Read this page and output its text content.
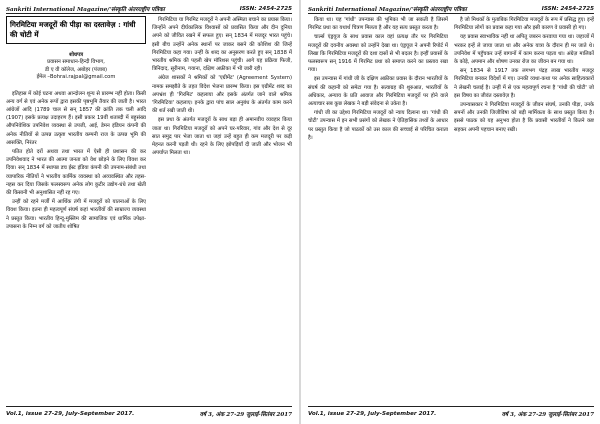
Sankriti International Magazine/'संस्कृति अंतरराष्ट्रीय पत्रिका	ISSN: 2454-2725
गिरमिटिया मजदूरों की पीड़ा का दस्तावेज़ : गांधी की चोटी में
शोधपत्र
प्रवासन समाधान-हिन्दी विभाग,
डी ए वी कॉलेज, अबोहर (पंजाब)
ईमेल –Bohrai.rajpal@gmail.com

इतिहास में कोई घटना अथवा आन्दोलन शून्य से प्रारम्भ नहीं होता। किसी अन्य वर्ग से एवं अनेक रूपों द्वारा इसकी पृष्ठभूमि तैयार की जाती है। भारत आंग्रेजों आदि (1789 चाल से सन् 1857 की क्रांति तक चली आदि (1907) इसके प्रत्यक्ष उदाहरण हैं। इसी प्रकार 19वीं शताब्दी में बहुसंख्य औपनिवेशिक उपनिवेश व्यवस्था से उपजी, आई, डेमन इंडियन कंपनी की अनेक नीतियों से उत्पन्न उत्कृष्ट भारतीय कम्पनी राज के उत्पन्न भूमि की आसक्ति, निरंतर

पतित होते दरों अथवा तथा भारत में ऐसी ही प्रशासन की कर उपनिवेशवाद ने भारत की आत्मा जनता को वेश छोड़ने के लिए विवश कर दिया। सन् 1834 में स्थापन्न डच ईस्ट इंडिया कंपनी की उपनाम-संबंधी तथा व्यापारिक नीतियों ने भारतीय कार्मिक व्यवस्था को अव्यवस्थित और तहस-नहस कर दिया जिसके फलस्वरूप अनेक लोग कुटीर उद्योग-धंधे तथा खेती की किसानी भी अनुशासित नहीं रह गए।

उन्हीं को रहने मर्जी में आर्थिक तंगी में मजदूरों को यातनाओं के लिए विवश किया। इतना ही महत्वपूर्ण संघर्ष कहां भारतीयों की साम्राज्य व्यवस्था ने प्रस्तुत किया। भारतीय हिन्दू-मुस्लिम की सामाजिक एवं धार्मिक उपेक्षा-उपासना के निम्न वर्ग को जातीय शोषित

गिरमिटिया या गिरमिट मजदूरों ने अपनी अस्मिता बचाने का प्रयास किया। जिन्होंने अपने दीर्घकालिक विश्वासों को प्रवासित किया और दीन दुनिया अपने को जीवित रखने में सफल हुए। सन् 1834 में मजदूर भारत पहुंचे। इसी बीच उन्होंने अनेक स्थानों पर जाकर बसने की कोशिश की जिन्हें गिरमिटिया कहा गया। उन्हीं के शब्द का अनुसरण करते हुए सन् 1838 में भारतीय श्रमिक की पहली खेप मॉरिशस पहुंची। आगे यह प्रक्रिया फिजी, त्रिनिदाद, सूरीनाम, गयाना, दक्षिण अफ्रीका में भी जारी रही।

अंग्रेज शासकों ने श्रमिकों को 'एग्रीमेंट' (Agreement System) नामक समझौते के तहत विदेश भेजना प्रारम्भ किया। इस एग्रीमेंट शब्द का अपभ्रंश ही 'गिरमिट' कहलाया और इसके अंतर्गत जाने वाले श्रमिक 'गिरमिटिया' कहलाए। इनके द्वारा पांच साल अनुबंध के अंतर्गत काम करने की शर्त रखी जाती थी।

इस प्रथा के अंतर्गत मजदूरों के साथ बड़ा ही अमानवीय व्यवहार किया जाता था। गिरमिटिया मजदूरों को अपने घर-परिवार, गांव और देश से दूर सात समुद्र पार भेजा जाता था जहां उन्हें बहुत ही कम मजदूरी पर कड़ी मेहनत करनी पड़ती थी। रहने के लिए झोपड़ियाँ दी जाती और भोजन भी अपर्याप्त मिलता था।

Vol.1, issue 27-29, July-September 2017.	वर्ष 3, अंक 27-29 जुलाई-सितंबर 2017
Sankriti International Magazine/'संस्कृति अंतरराष्ट्रीय पत्रिका	ISSN: 2454-2725

किया था। यह 'गांधी' उपन्यास की भूमिका भी जा सकती है जिसमें गिरमिट प्रथा का यथार्थ चित्रण मिलता है और यह सत्य प्रस्तुत करता है।

चार्ल्स एंड्रयूज के साथ प्रवास काल वहां प्रत्यक्ष तौर पर गिरमिटिया मजदूरों की दयनीय अवस्था को उन्होंने देखा था। एंड्रयूज ने अपनी रिपोर्ट में लिखा कि गिरमिटिया मजदूरों की दशा दासों से भी बदतर है। इन्हीं प्रयासों के फलस्वरूप सन् 1916 में गिरमिट प्रथा को समाप्त करने का प्रस्ताव रखा गया।

इस उपन्यास में गांधी जी के दक्षिण अफ्रीका प्रवास के दौरान भारतीयों के संघर्ष की कहानी को समेटा गया है। सत्याग्रह की शुरुआत, भारतीयों के अधिकार, अन्याय के प्रति आवाज और गिरमिटिया मजदूरों पर होने वाले अत्याचार सब कुछ लेखक ने बड़ी संवेदना से उकेरा है।

गांधी जी का उद्देश्य गिरमिटिया मजदूरों को न्याय दिलाना था। 'गांधी की चोटी' उपन्यास में इन सभी प्रसंगों को लेखक ने ऐतिहासिक तथ्यों के आधार पर प्रस्तुत किया है जो पाठकों को उस काल की सच्चाई से परिचित कराता है।

है जो मिथकों के मुताबिक गिरमिटिया मजदूरों के रूप में प्रसिद्ध हुए। इन्हें गिरमिटिया लोगों का प्रवास कहा गया और इसी कारण वे प्रवासी हो गए।

यह प्रवास स्वाभाविक नहीं था अपितु जबरन करवाया गया था। जहाजों में भरकर इन्हें ले जाया जाता था और अनेक यात्रा के दौरान ही मर जाते थे। उपनिवेश में पहुँचकर उन्हें बागानों में काम करना पड़ता था। अंग्रेज़ मालिकों के कोड़े, अपमान और शोषण उनका रोज का जीवन बन गया था।

सन् 1834 से 1917 तक लगभग पंद्रह लाख भारतीय मजदूर गिरमिटिया बनकर विदेशों में गए। उनकी व्यथा-कथा पर अनेक साहित्यकारों ने लेखनी चलाई है। उन्हीं में से एक महत्वपूर्ण रचना है 'गांधी की चोटी' जो इस विषय का जीवंत दस्तावेज़ है।

उपन्यासकार ने गिरमिटिया मजदूरों के जीवन संघर्ष, उनकी पीड़ा, उनके सपनों और उनकी जिजीविषा को बड़ी मार्मिकता के साथ प्रस्तुत किया है। इससे पाठक को यह अनुभव होता है कि प्रवासी भारतीयों ने कितने कष्ट सहकर अपनी पहचान बनाए रखी।

Vol.1, issue 27-29, July-September 2017.	वर्ष 3, अंक 27-29 जुलाई-सितंबर 2017
